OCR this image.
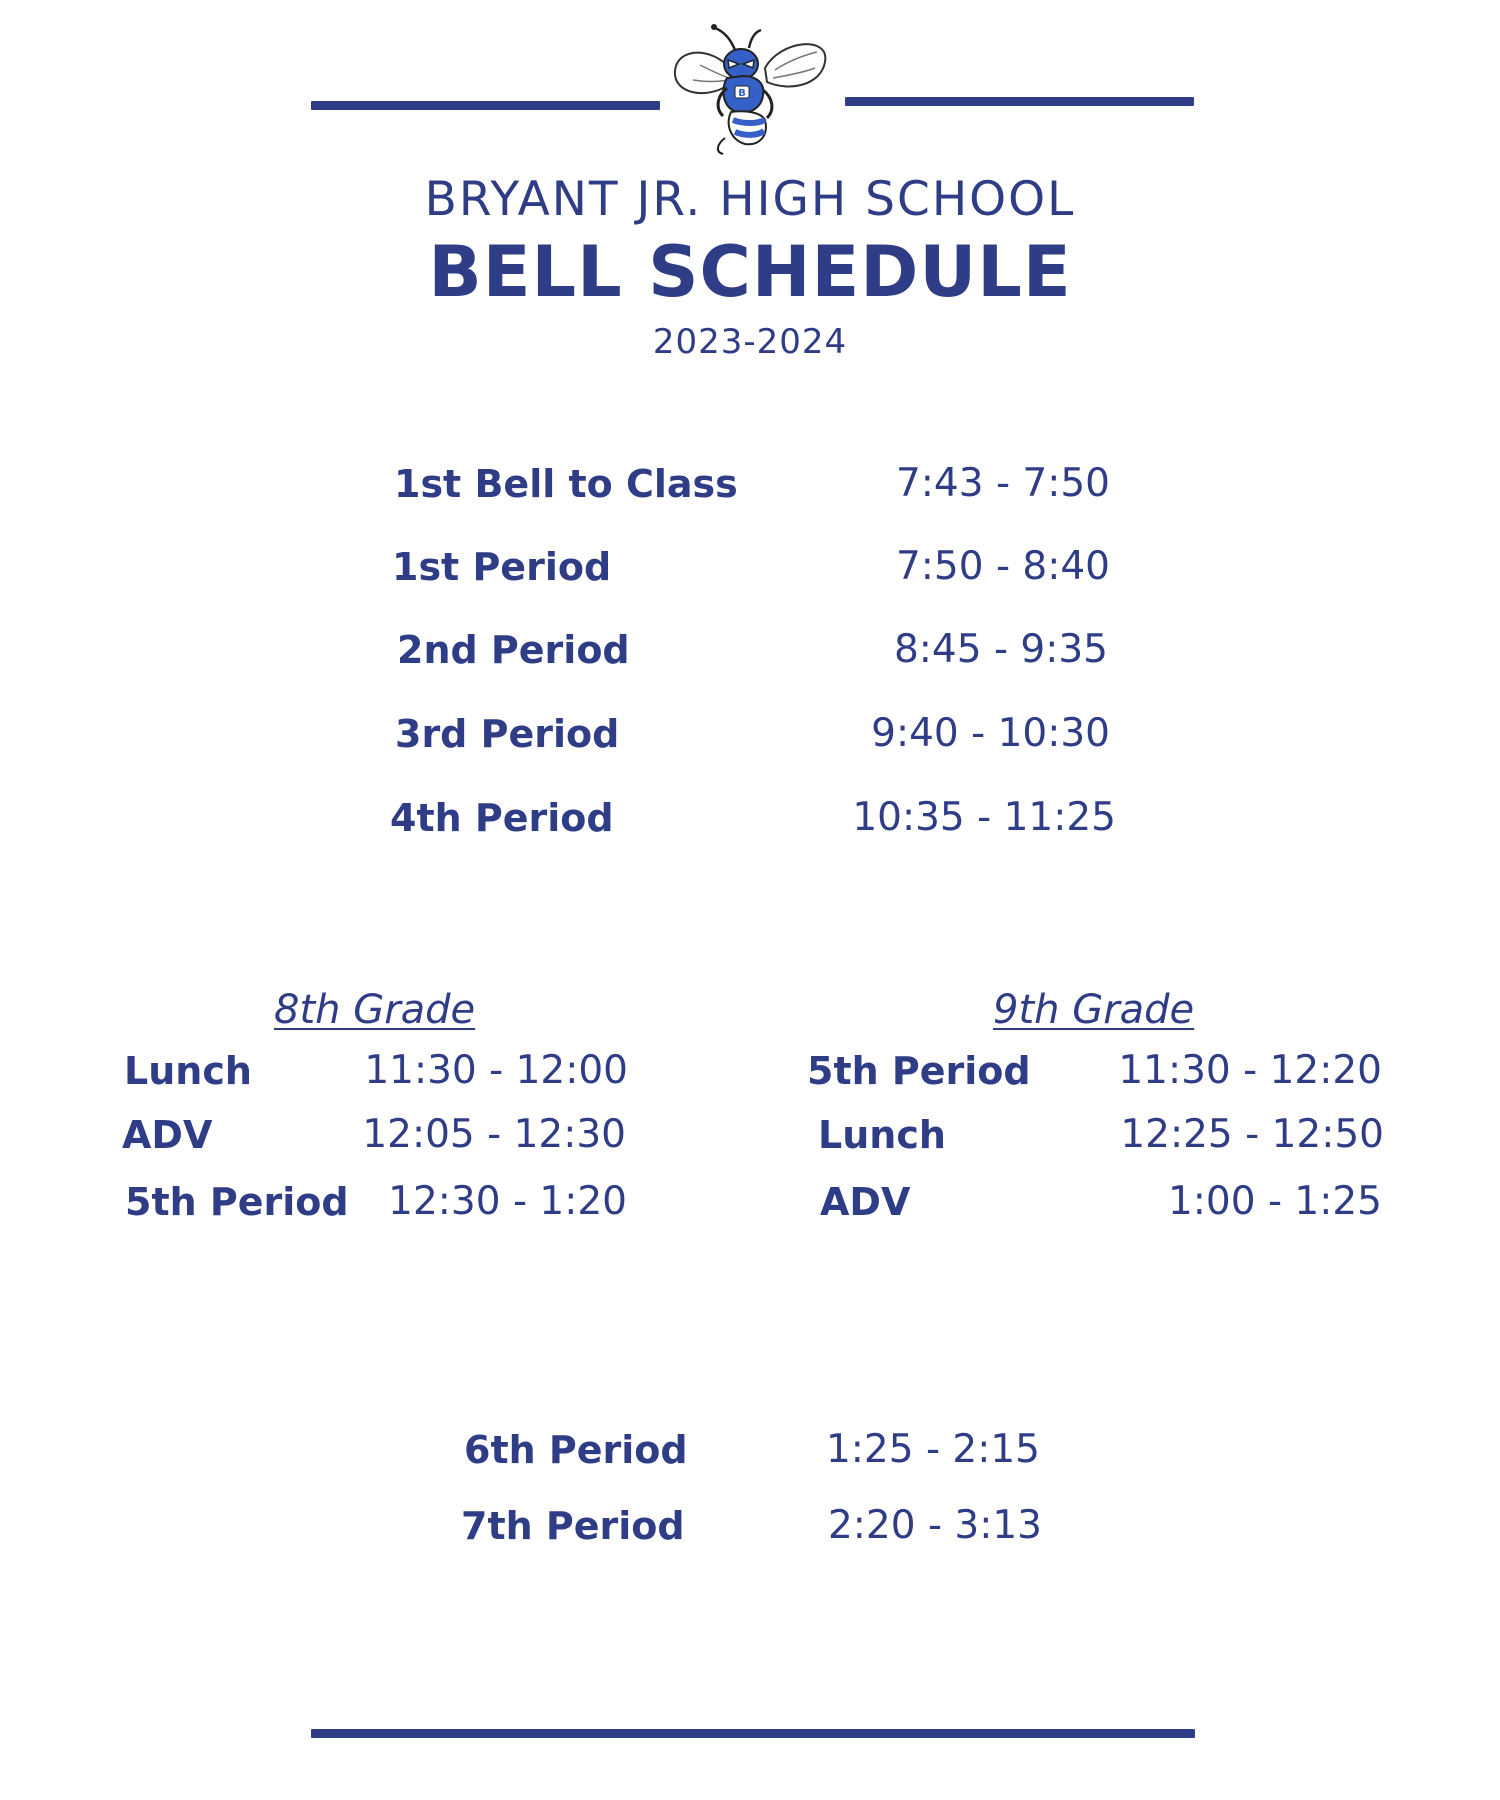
B
BRYANT JR. HIGH SCHOOL
BELL SCHEDULE
2023-2024
1st Bell to Class	7:43 - 7:50
1st Period	7:50 - 8:40
2nd Period	8:45 - 9:35
3rd Period	9:40 - 10:30
4th Period	10:35 - 11:25
8th Grade
Lunch	11:30 - 12:00
ADV	12:05 - 12:30
5th Period	12:30 - 1:20
9th Grade
5th Period	11:30 - 12:20
Lunch	12:25 - 12:50
ADV	1:00 - 1:25
6th Period	1:25 - 2:15
7th Period	2:20 - 3:13
